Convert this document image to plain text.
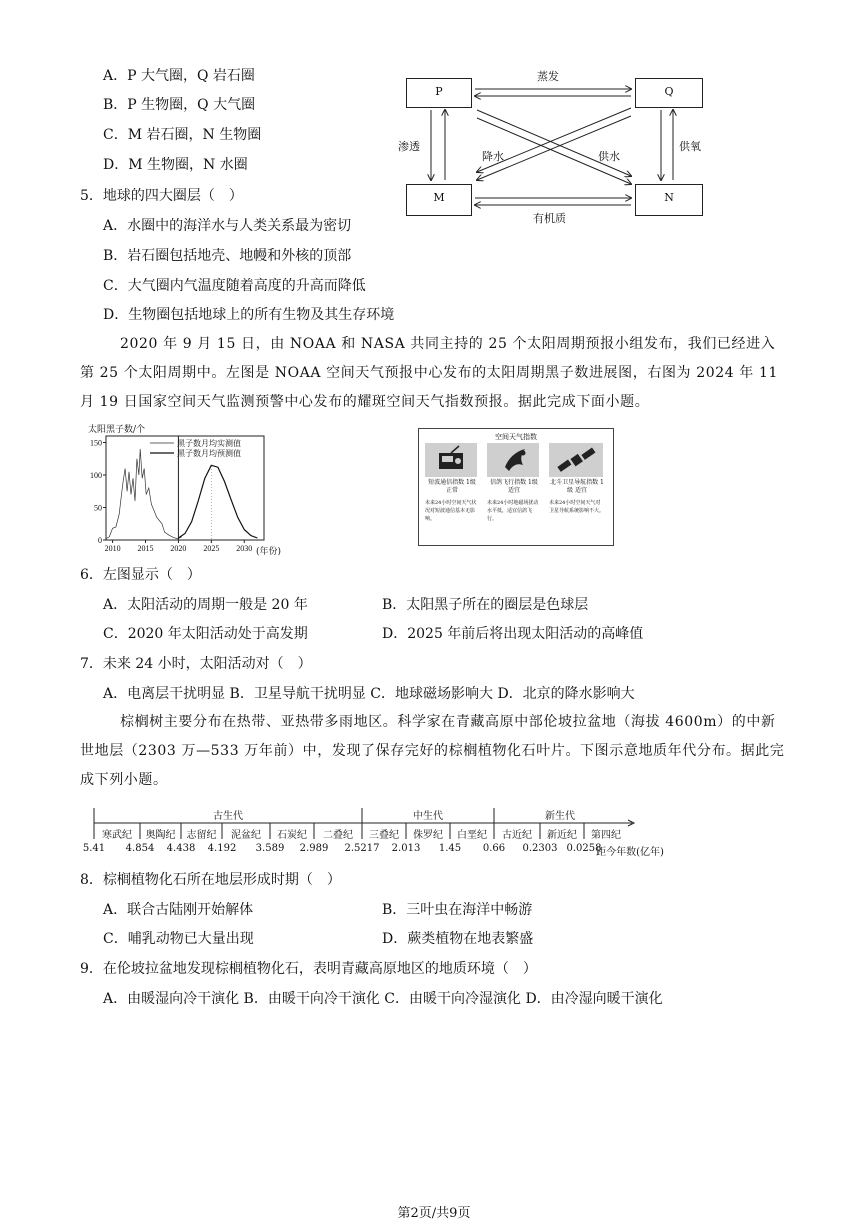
A．P 大气圈，Q 岩石圈
B．P 生物圈，Q 大气圈
C．M 岩石圈，N 生物圈
D．M 生物圈，N 水圈
P	Q
M	N
蒸发
渗透
降水	供水
供氧
有机质
5．地球的四大圈层（　）
A．水圈中的海洋水与人类关系最为密切
B．岩石圈包括地壳、地幔和外核的顶部
C．大气圈内气温度随着高度的升高而降低
D．生物圈包括地球上的所有生物及其生存环境
2020 年 9 月 15 日，由 NOAA 和 NASA 共同主持的 25 个太阳周期预报小组发布，我们已经进入第 25 个太阳周期中。左图是 NOAA 空间天气预报中心发布的太阳周期黑子数进展图，右图为 2024 年 11 月 19 日国家空间天气监测预警中心发布的耀斑空间天气指数预报。据此完成下面小题。
太阳黑子数/个
0
50
100
150
2010 2015 2020 2025 2030
黑子数月均实测值
黑子数月均预测值
(年份)
空间天气指数
短波通信指数 1级 正常
未来24小时空间天气状况对短波通信基本无影响。
信鸽飞行指数 1级 适宜
未来24小时地磁场扰动水平低，适宜信鸽飞行。
北斗卫星导航指数 1级 适宜
未来24小时空间天气对卫星导航系统影响不大。
6．左图显示（　）
A．太阳活动的周期一般是 20 年	B．太阳黑子所在的圈层是色球层
C．2020 年太阳活动处于高发期	D．2025 年前后将出现太阳活动的高峰值
7．未来 24 小时，太阳活动对（　）
A．电离层干扰明显 B．卫星导航干扰明显 C．地球磁场影响大 D．北京的降水影响大
棕榈树主要分布在热带、亚热带多雨地区。科学家在青藏高原中部伦坡拉盆地（海拔 4600m）的中新世地层（2303 万—533 万年前）中，发现了保存完好的棕榈植物化石叶片。下图示意地质年代分布。据此完成下列小题。
古生代	中生代	新生代
寒武纪	奥陶纪	志留纪	泥盆纪	石炭纪	二叠纪	三叠纪	侏罗纪	白垩纪	古近纪	新近纪	第四纪
5.41	4.854	4.438	4.192	3.589	2.989	2.5217	2.013	1.45	0.66	0.2303 0.0258
距今年数(亿年)
8．棕榈植物化石所在地层形成时期（　）
A．联合古陆刚开始解体	B．三叶虫在海洋中畅游
C．哺乳动物已大量出现	D．蕨类植物在地表繁盛
9．在伦坡拉盆地发现棕榈植物化石，表明青藏高原地区的地质环境（　）
A．由暖湿向冷干演化 B．由暖干向冷干演化 C．由暖干向冷湿演化 D．由冷湿向暖干演化
第2页/共9页
